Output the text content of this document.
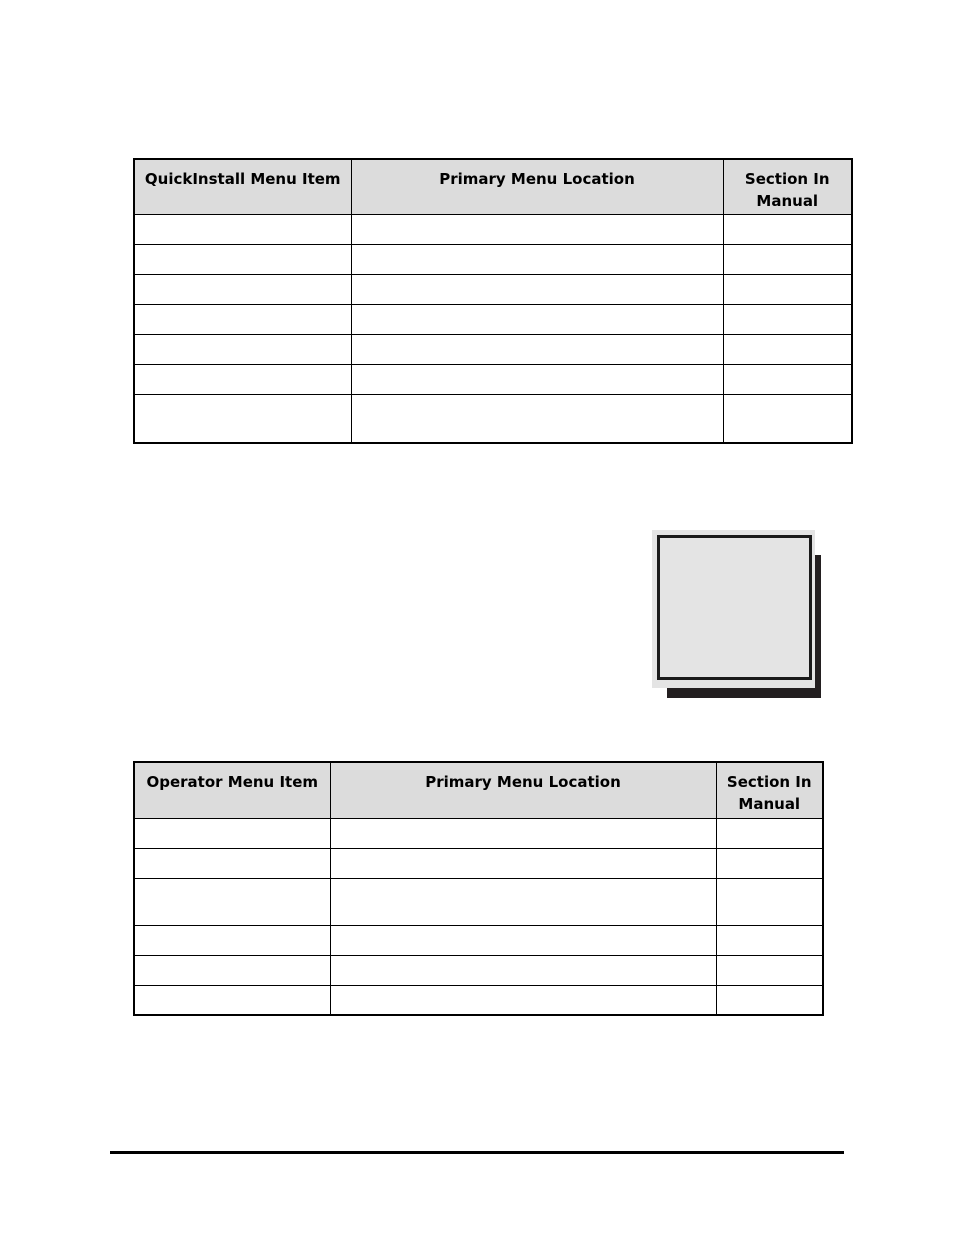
QuickInstall Menu Item	Primary Menu Location	Section In Manual

Operator Menu Item	Primary Menu Location	Section In Manual
